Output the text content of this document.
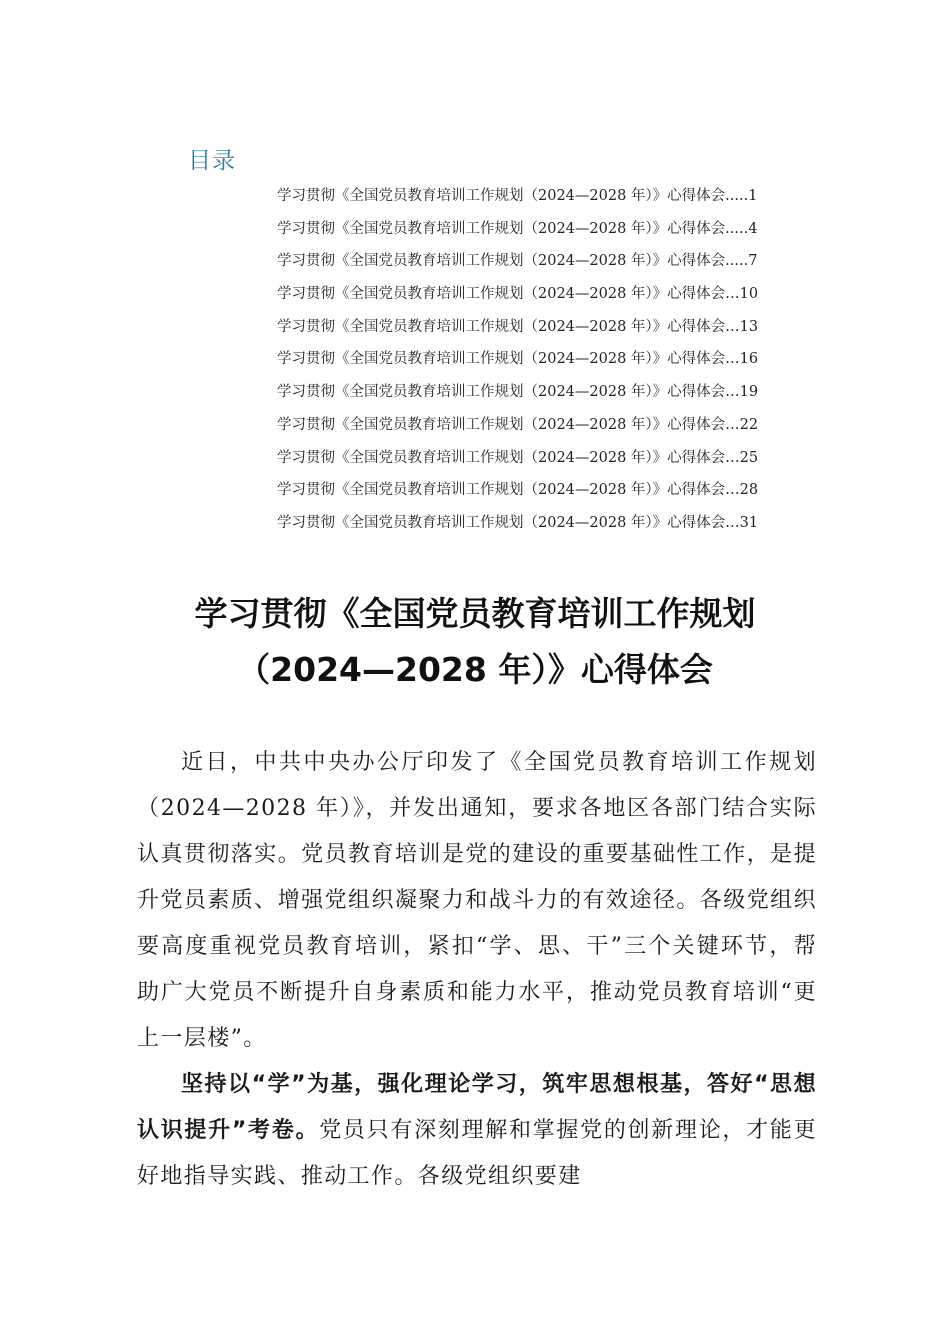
目录
学习贯彻《全国党员教育培训工作规划（2024—2028 年）》心得体会.....1
学习贯彻《全国党员教育培训工作规划（2024—2028 年）》心得体会.....4
学习贯彻《全国党员教育培训工作规划（2024—2028 年）》心得体会.....7
学习贯彻《全国党员教育培训工作规划（2024—2028 年）》心得体会…10
学习贯彻《全国党员教育培训工作规划（2024—2028 年）》心得体会…13
学习贯彻《全国党员教育培训工作规划（2024—2028 年）》心得体会…16
学习贯彻《全国党员教育培训工作规划（2024—2028 年）》心得体会…19
学习贯彻《全国党员教育培训工作规划（2024—2028 年）》心得体会…22
学习贯彻《全国党员教育培训工作规划（2024—2028 年）》心得体会…25
学习贯彻《全国党员教育培训工作规划（2024—2028 年）》心得体会…28
学习贯彻《全国党员教育培训工作规划（2024—2028 年）》心得体会…31
学习贯彻《全国党员教育培训工作规划
（2024—2028 年）》心得体会

近日，中共中央办公厅印发了《全国党员教育培训工作规划（2024—2028 年）》，并发出通知，要求各地区各部门结合实际认真贯彻落实。党员教育培训是党的建设的重要基础性工作，是提升党员素质、增强党组织凝聚力和战斗力的有效途径。各级党组织要高度重视党员教育培训，紧扣“学、思、干”三个关键环节，帮助广大党员不断提升自身素质和能力水平，推动党员教育培训“更上一层楼”。

坚持以“学”为基，强化理论学习，筑牢思想根基，答好“思想认识提升”考卷。党员只有深刻理解和掌握党的创新理论，才能更好地指导实践、推动工作。各级党组织要建
